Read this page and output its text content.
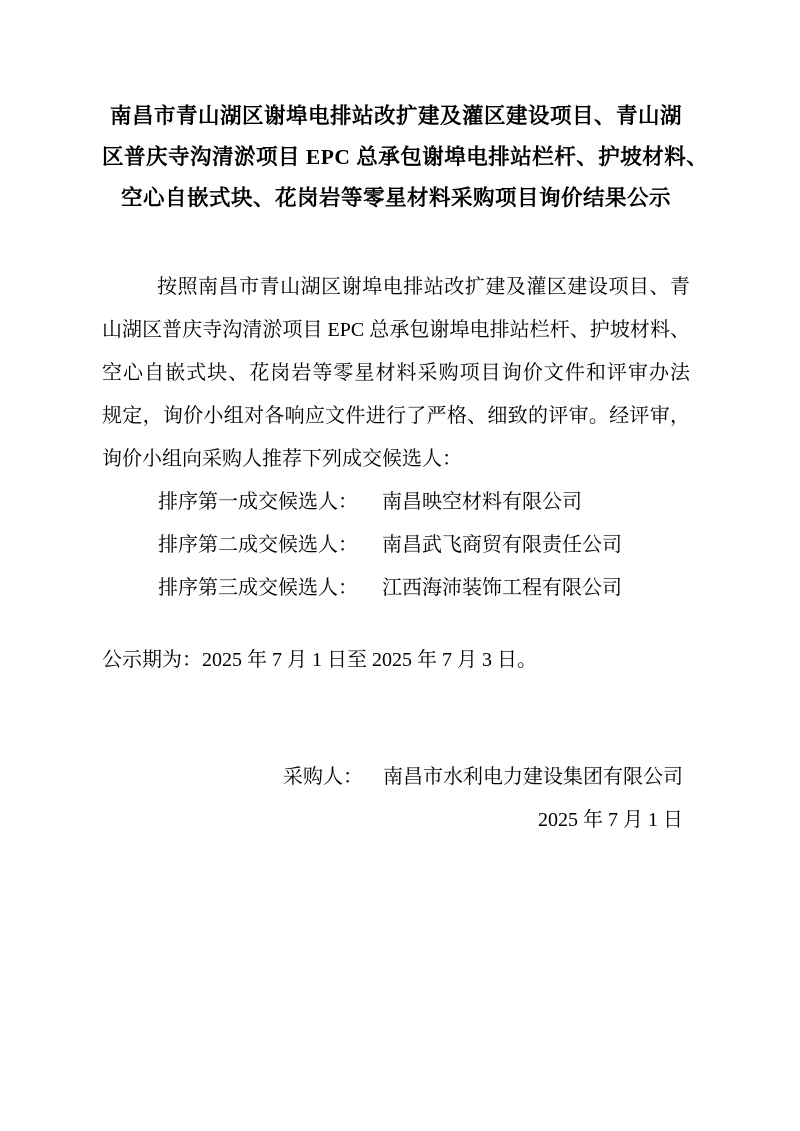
南昌市青山湖区谢埠电排站改扩建及灌区建设项目、青山湖
区普庆寺沟清淤项目 EPC 总承包谢埠电排站栏杆、护坡材料、
空心自嵌式块、花岗岩等零星材料采购项目询价结果公示
按照南昌市青山湖区谢埠电排站改扩建及灌区建设项目、青
山湖区普庆寺沟清淤项目 EPC 总承包谢埠电排站栏杆、护坡材料、
空心自嵌式块、花岗岩等零星材料采购项目询价文件和评审办法
规定，询价小组对各响应文件进行了严格、细致的评审。经评审，
询价小组向采购人推荐下列成交候选人：
排序第一成交候选人： 南昌映空材料有限公司
排序第二成交候选人： 南昌武飞商贸有限责任公司
排序第三成交候选人： 江西海沛装饰工程有限公司
公示期为：2025 年 7 月 1 日至 2025 年 7 月 3 日。
采购人： 南昌市水利电力建设集团有限公司
2025 年 7 月 1 日
